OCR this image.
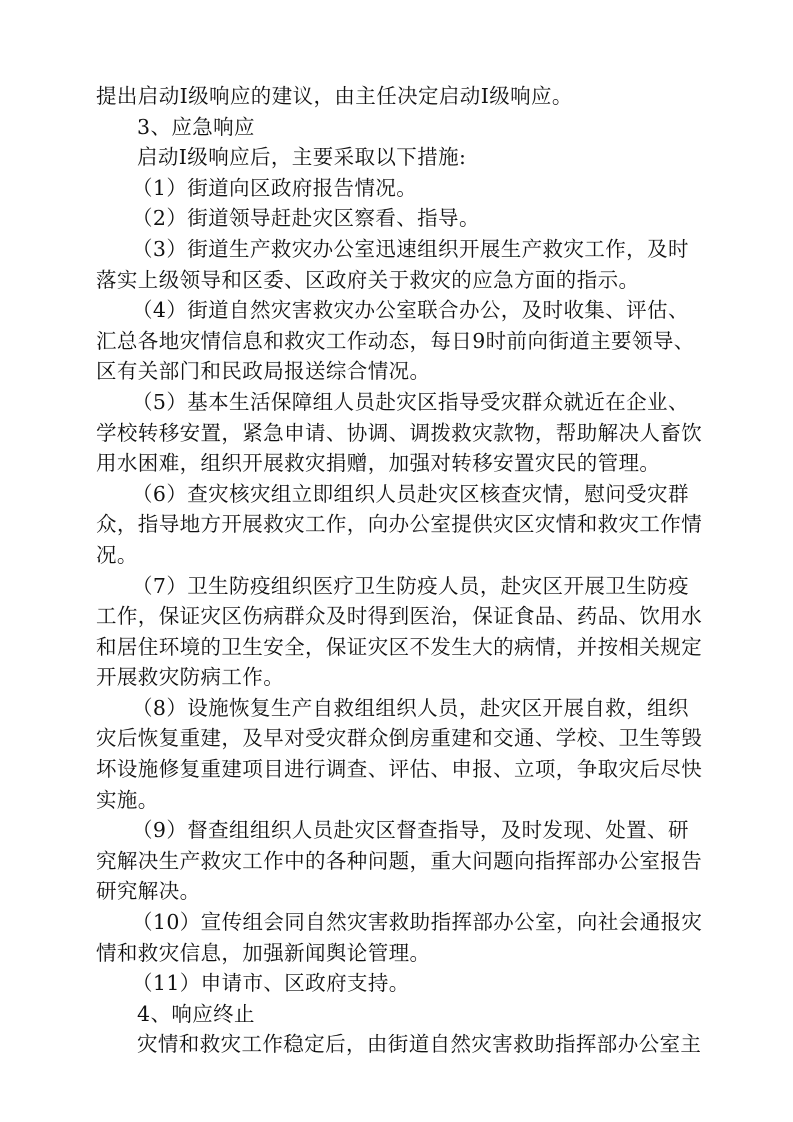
提出启动Ⅰ级响应的建议，由主任决定启动Ⅰ级响应。
3、应急响应
启动Ⅰ级响应后，主要采取以下措施:
（1）街道向区政府报告情况。
（2）街道领导赶赴灾区察看、指导。
（3）街道生产救灾办公室迅速组织开展生产救灾工作，及时
落实上级领导和区委、区政府关于救灾的应急方面的指示。
（4）街道自然灾害救灾办公室联合办公，及时收集、评估、
汇总各地灾情信息和救灾工作动态，每日9时前向街道主要领导、
区有关部门和民政局报送综合情况。
（5）基本生活保障组人员赴灾区指导受灾群众就近在企业、
学校转移安置，紧急申请、协调、调拨救灾款物，帮助解决人畜饮
用水困难，组织开展救灾捐赠，加强对转移安置灾民的管理。
（6）查灾核灾组立即组织人员赴灾区核查灾情，慰问受灾群
众，指导地方开展救灾工作，向办公室提供灾区灾情和救灾工作情
况。
（7）卫生防疫组织医疗卫生防疫人员，赴灾区开展卫生防疫
工作，保证灾区伤病群众及时得到医治，保证食品、药品、饮用水
和居住环境的卫生安全，保证灾区不发生大的病情，并按相关规定
开展救灾防病工作。
（8）设施恢复生产自救组组织人员，赴灾区开展自救，组织
灾后恢复重建，及早对受灾群众倒房重建和交通、学校、卫生等毁
坏设施修复重建项目进行调查、评估、申报、立项，争取灾后尽快
实施。
（9）督查组组织人员赴灾区督查指导，及时发现、处置、研
究解决生产救灾工作中的各种问题，重大问题向指挥部办公室报告
研究解决。
（10）宣传组会同自然灾害救助指挥部办公室，向社会通报灾
情和救灾信息，加强新闻舆论管理。
（11）申请市、区政府支持。
4、响应终止
灾情和救灾工作稳定后，由街道自然灾害救助指挥部办公室主
